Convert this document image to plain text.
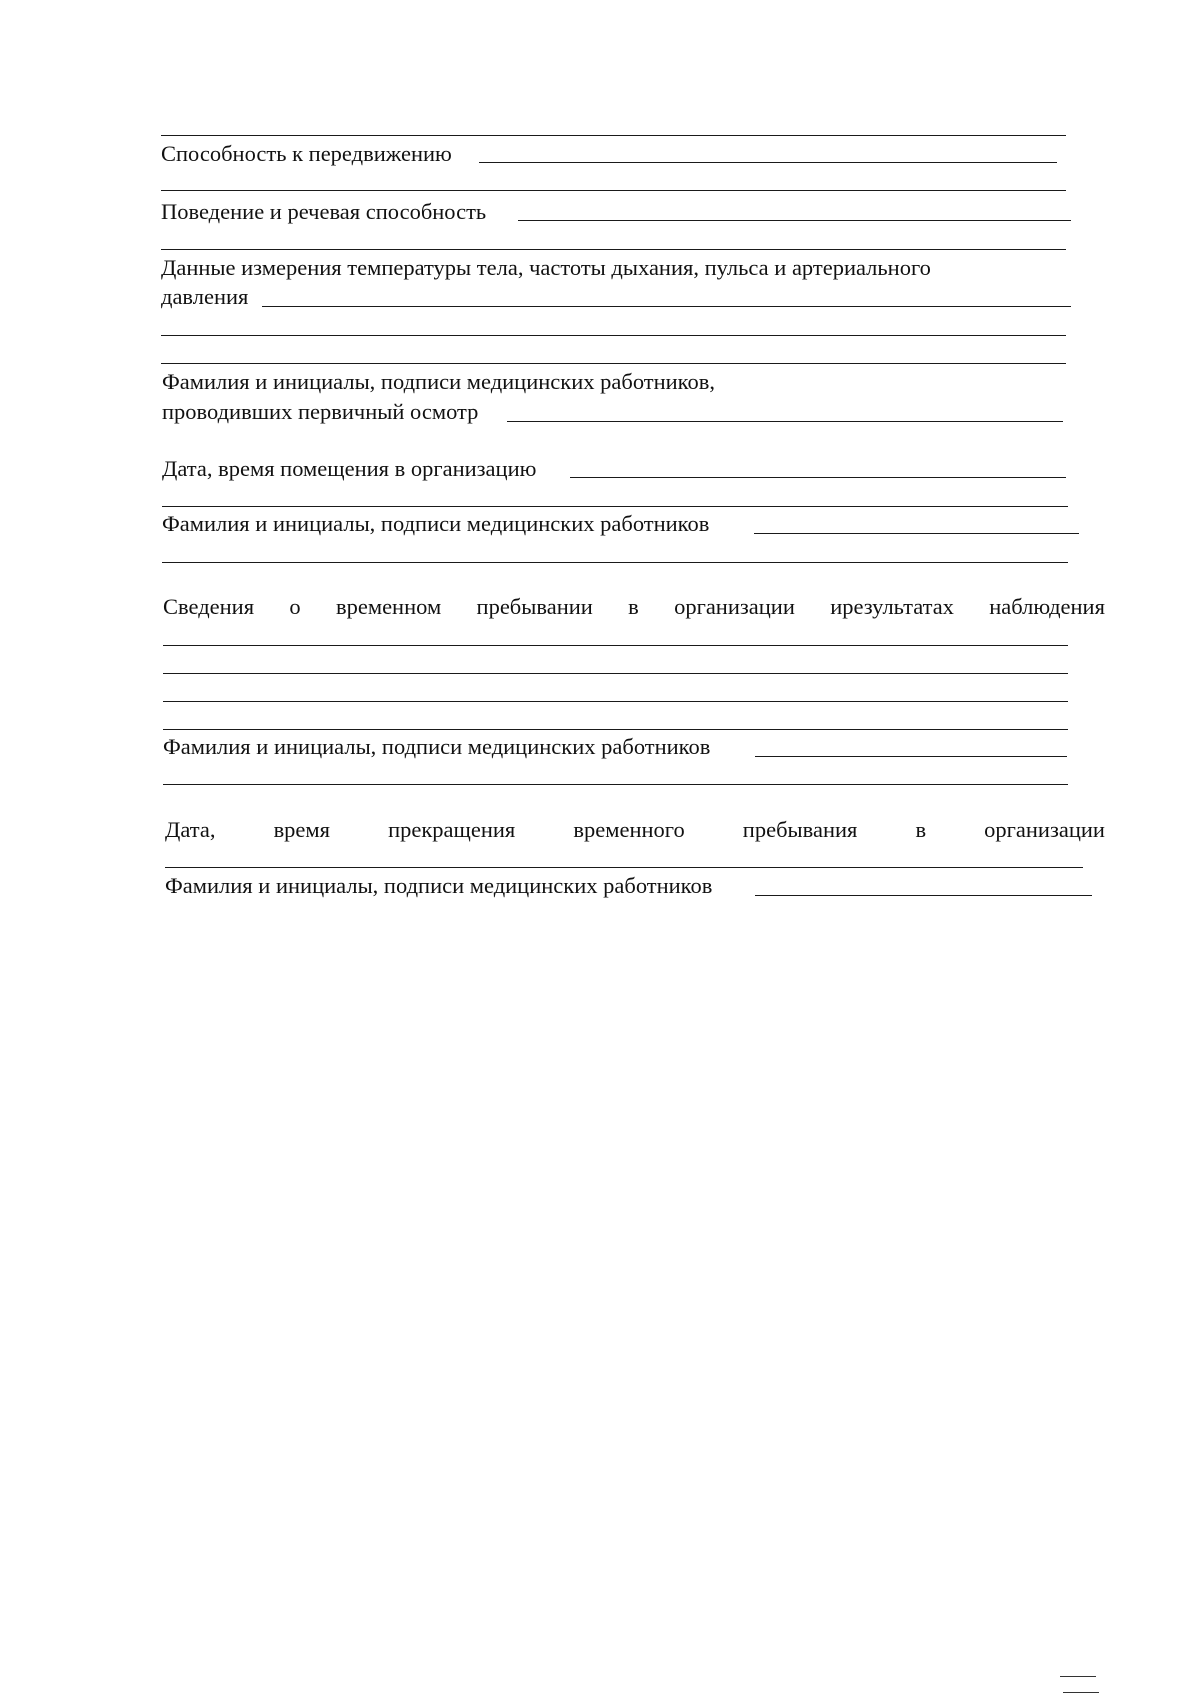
Способность к передвижению
Поведение и речевая способность
Данные измерения температуры тела, частоты дыхания, пульса и артериального
давления
Фамилия и инициалы, подписи медицинских работников,
проводивших первичный осмотр
Дата, время помещения в организацию
Фамилия и инициалы, подписи медицинских работников
Сведения о временном пребывании в организации ирезультатах наблюдения
Фамилия и инициалы, подписи медицинских работников
Дата,	время	прекращения	временного	пребывания	в	организации
Фамилия и инициалы, подписи медицинских работников
